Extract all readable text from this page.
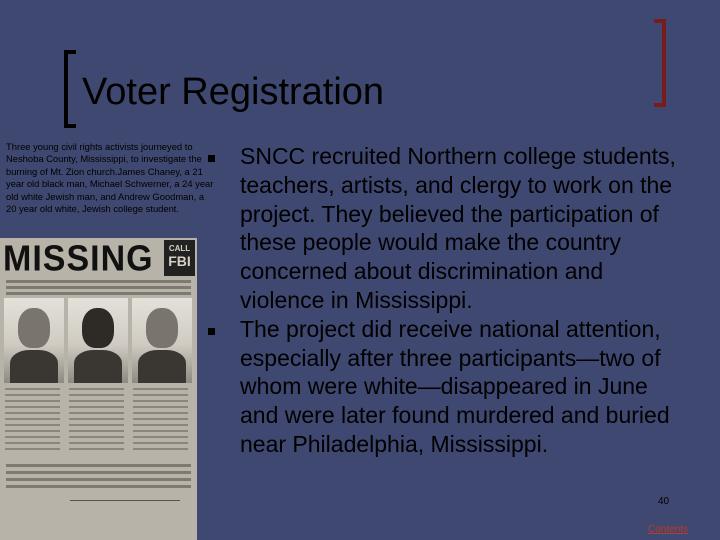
Voter Registration
Three young civil rights activists journeyed to Neshoba County, Mississippi, to investigate the burning of Mt. Zion church.James Chaney, a 21 year old black man, Michael Schwerner, a 24 year old white Jewish man, and Andrew Goodman, a 20 year old white, Jewish college student.
MISSING	CALL
FBI
SNCC recruited Northern college students, teachers, artists, and clergy to work on the project. They believed the participation of these people would make the country concerned about discrimination and violence in Mississippi.
The project did receive national attention, especially after three participants—two of whom were white—disappeared in June and were later found murdered and buried near Philadelphia, Mississippi.
40
Contents
